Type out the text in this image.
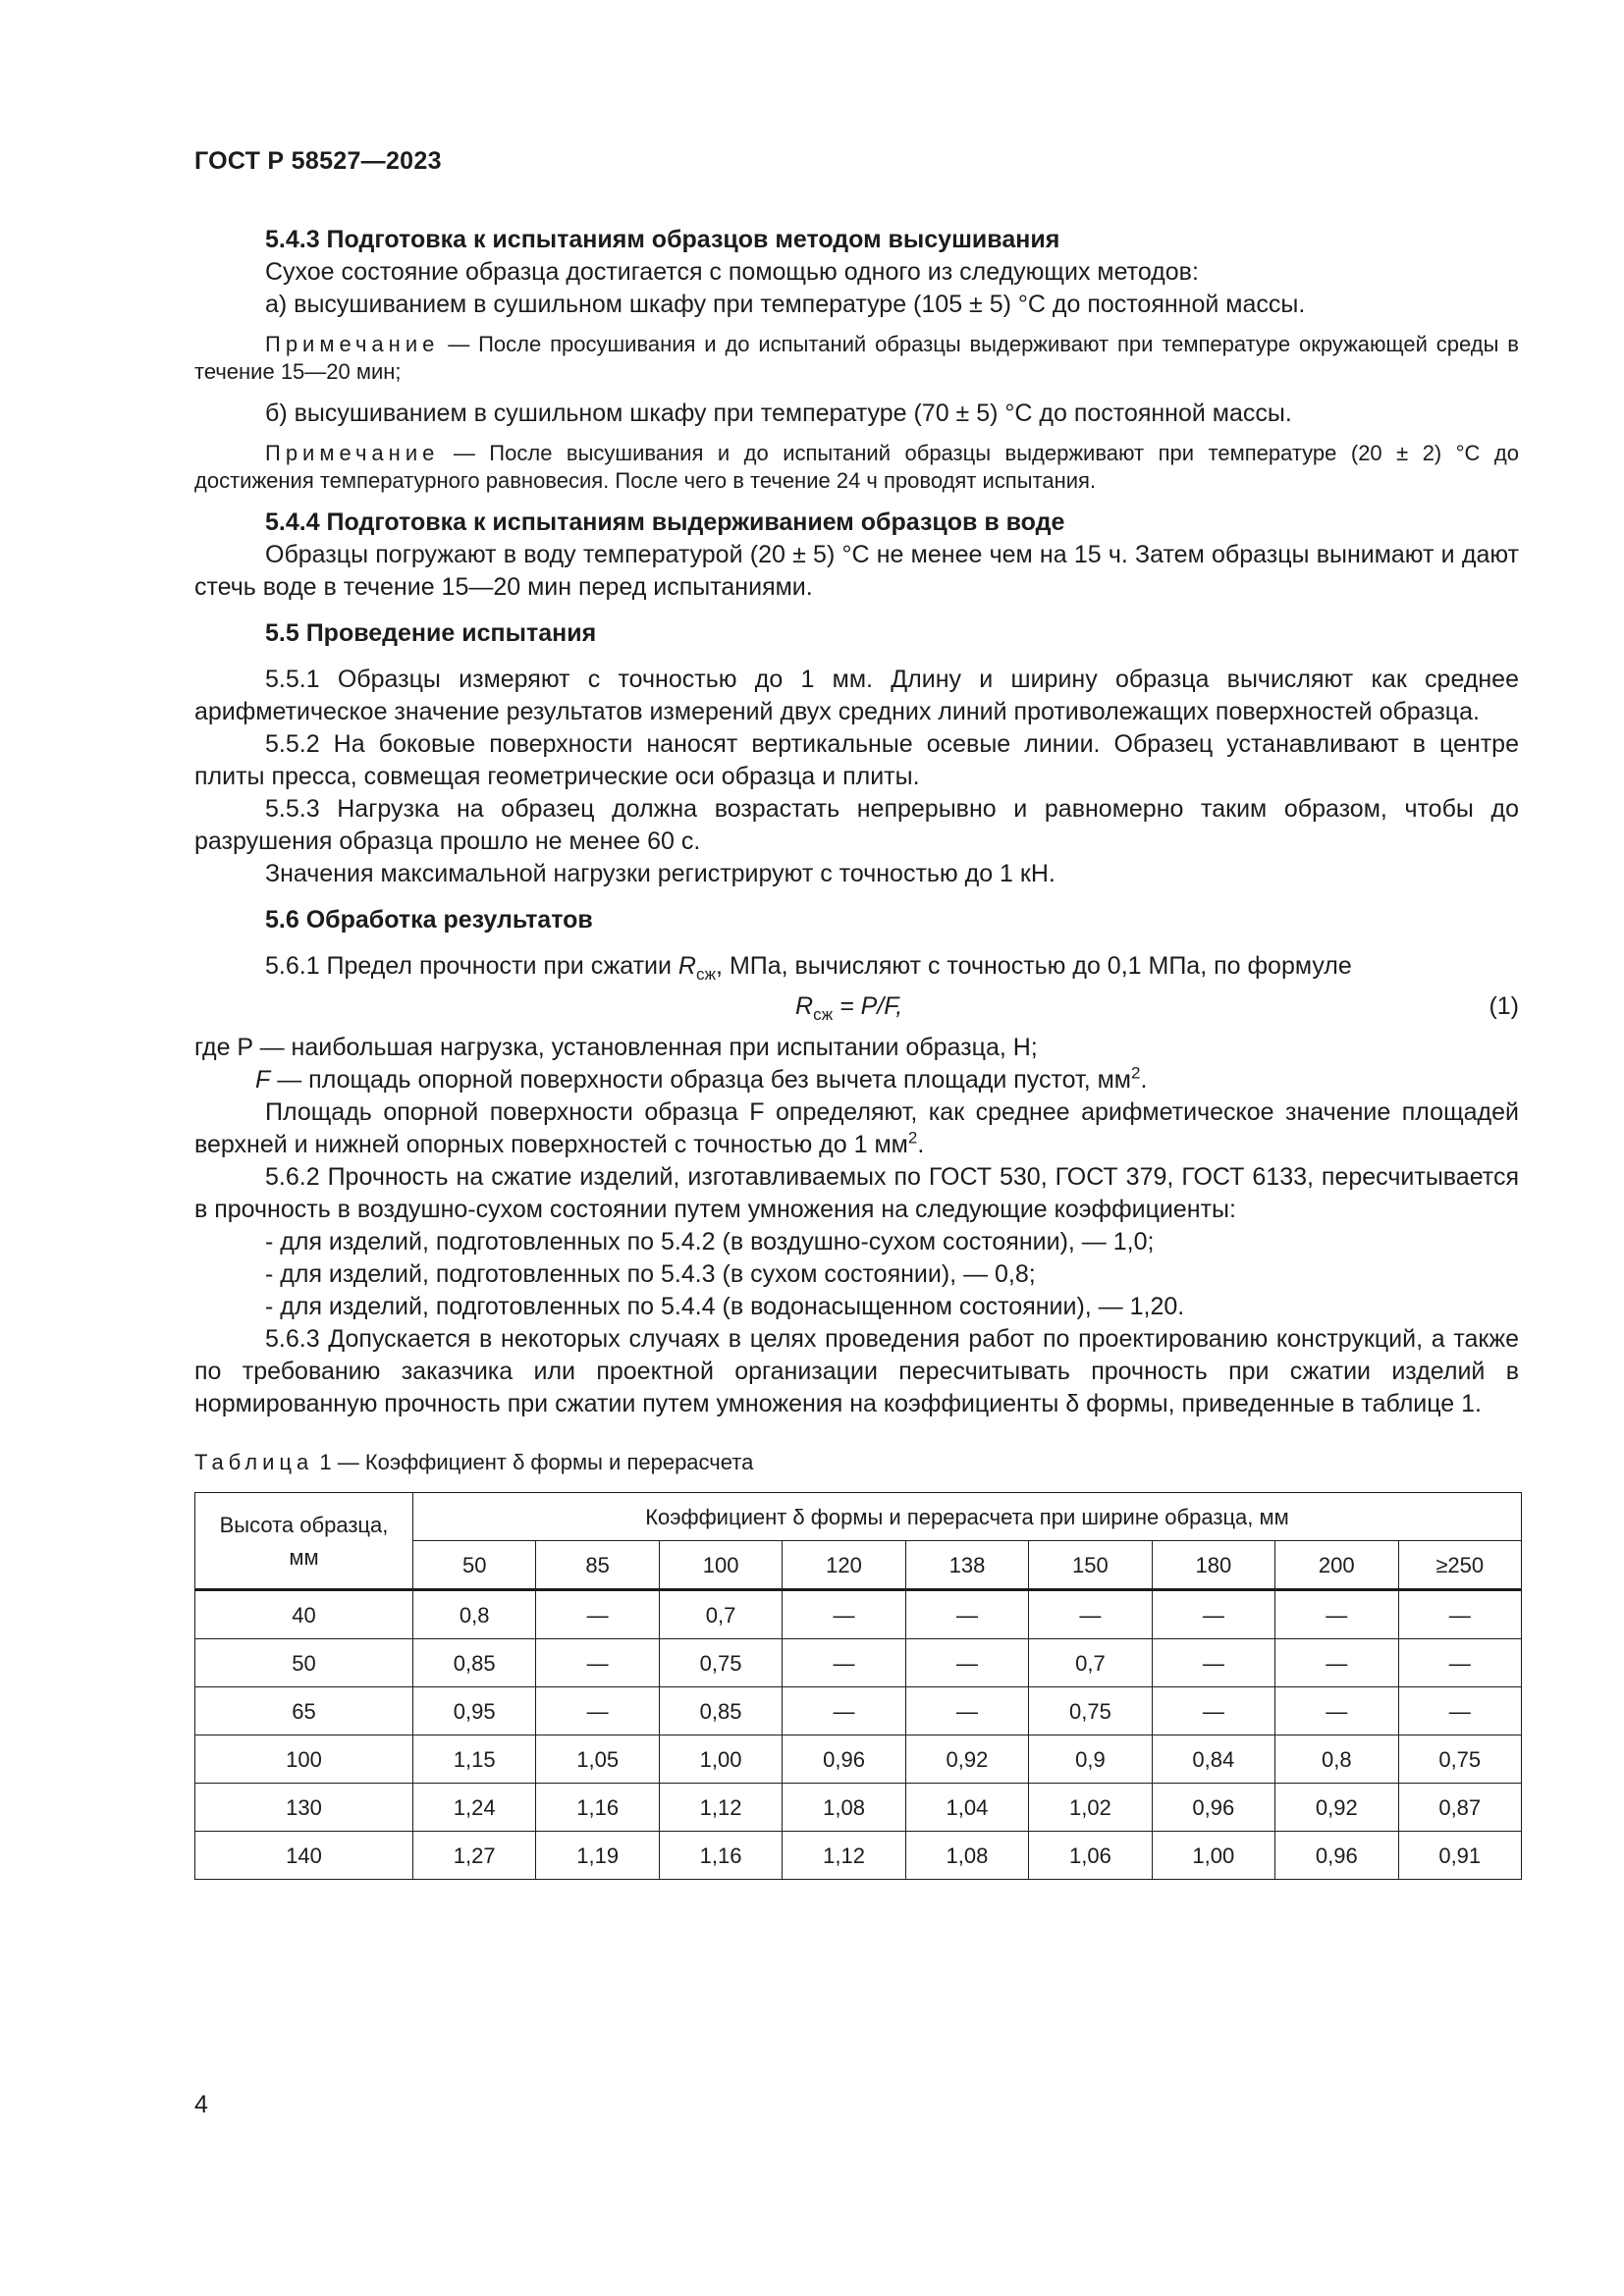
ГОСТ Р 58527—2023

5.4.3 Подготовка к испытаниям образцов методом высушивания

Сухое состояние образца достигается с помощью одного из следующих методов:

а) высушиванием в сушильном шкафу при температуре (105 ± 5) °С до постоянной массы.

Примечание — После просушивания и до испытаний образцы выдерживают при температуре окружающей среды в течение 15—20 мин;

б) высушиванием в сушильном шкафу при температуре (70 ± 5) °С до постоянной массы.

Примечание — После высушивания и до испытаний образцы выдерживают при температуре (20 ± 2) °С до достижения температурного равновесия. После чего в течение 24 ч проводят испытания.

5.4.4 Подготовка к испытаниям выдерживанием образцов в воде

Образцы погружают в воду температурой (20 ± 5) °С не менее чем на 15 ч. Затем образцы вынимают и дают стечь воде в течение 15—20 мин перед испытаниями.

5.5 Проведение испытания

5.5.1 Образцы измеряют с точностью до 1 мм. Длину и ширину образца вычисляют как среднее арифметическое значение результатов измерений двух средних линий противолежащих поверхностей образца.

5.5.2 На боковые поверхности наносят вертикальные осевые линии. Образец устанавливают в центре плиты пресса, совмещая геометрические оси образца и плиты.

5.5.3 Нагрузка на образец должна возрастать непрерывно и равномерно таким образом, чтобы до разрушения образца прошло не менее 60 с.

Значения максимальной нагрузки регистрируют с точностью до 1 кН.

5.6 Обработка результатов

5.6.1 Предел прочности при сжатии $R_{сж}$, МПа, вычисляют с точностью до 0,1 МПа, по формуле

$R_{сж} = P/F$,	(1)

где P — наибольшая нагрузка, установленная при испытании образца, Н;

F — площадь опорной поверхности образца без вычета площади пустот, $мм^2$.

Площадь опорной поверхности образца F определяют, как среднее арифметическое значение площадей верхней и нижней опорных поверхностей с точностью до 1 $мм^2$.

5.6.2 Прочность на сжатие изделий, изготавливаемых по ГОСТ 530, ГОСТ 379, ГОСТ 6133, пересчитывается в прочность в воздушно-сухом состоянии путем умножения на следующие коэффициенты:

- для изделий, подготовленных по 5.4.2 (в воздушно-сухом состоянии), — 1,0;

- для изделий, подготовленных по 5.4.3 (в сухом состоянии), — 0,8;

- для изделий, подготовленных по 5.4.4 (в водонасыщенном состоянии), — 1,20.

5.6.3 Допускается в некоторых случаях в целях проведения работ по проектированию конструкций, а также по требованию заказчика или проектной организации пересчитывать прочность при сжатии изделий в нормированную прочность при сжатии путем умножения на коэффициенты δ формы, приведенные в таблице 1.

Таблица 1 — Коэффициент δ формы и перерасчета

Высота образца, мм	Коэффициент δ формы и перерасчета при ширине образца, мм								
	50	85	100	120	138	150	180	200	≥250
40	0,8	—	0,7	—	—	—	—	—	—
50	0,85	—	0,75	—	—	0,7	—	—	—
65	0,95	—	0,85	—	—	0,75	—	—	—
100	1,15	1,05	1,00	0,96	0,92	0,9	0,84	0,8	0,75
130	1,24	1,16	1,12	1,08	1,04	1,02	0,96	0,92	0,87
140	1,27	1,19	1,16	1,12	1,08	1,06	1,00	0,96	0,91
4
